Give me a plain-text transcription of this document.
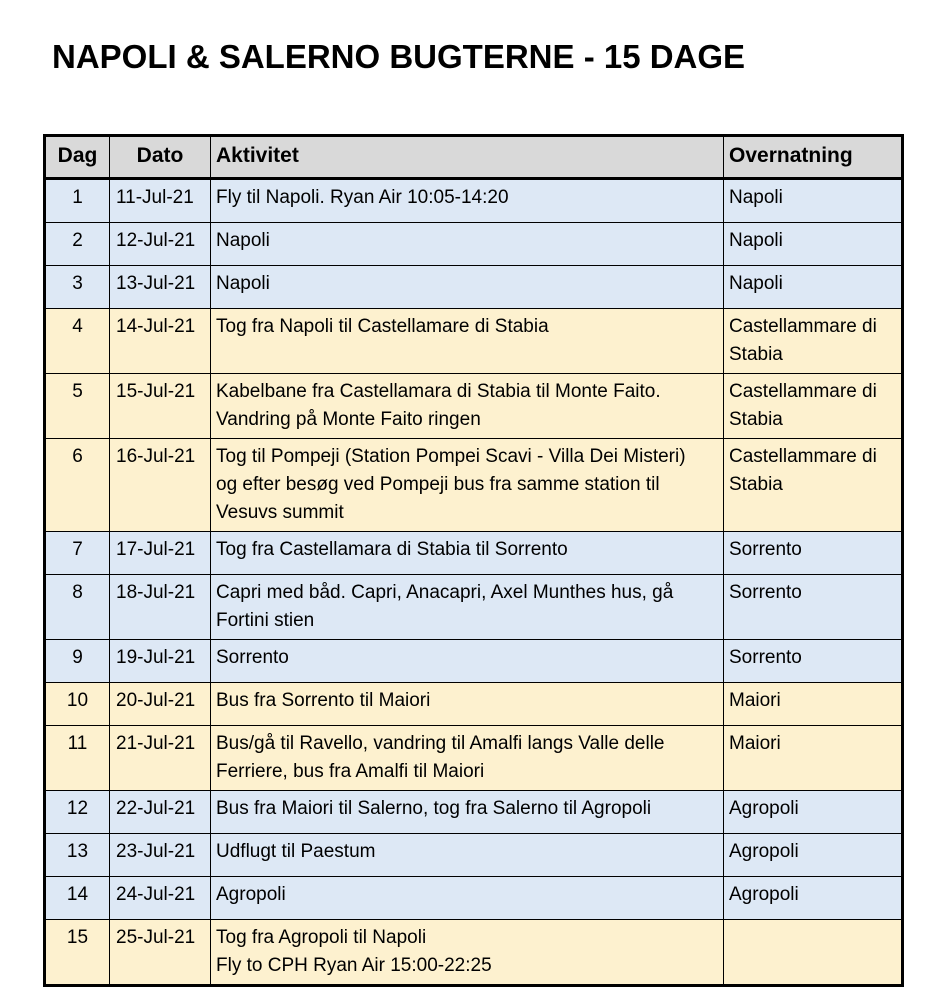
NAPOLI & SALERNO BUGTERNE - 15 DAGE
Dag	Dato	Aktivitet	Overnatning
1	11-Jul-21	Fly til Napoli. Ryan Air 10:05-14:20	Napoli

2	12-Jul-21	Napoli	Napoli

3	13-Jul-21	Napoli	Napoli

4	14-Jul-21	Tog fra Napoli til Castellamare di Stabia	Castellammare di
Stabia

5	15-Jul-21	Kabelbane fra Castellamara di Stabia til Monte Faito.
Vandring på Monte Faito ringen	Castellammare di
Stabia

6	16-Jul-21	Tog til Pompeji (Station Pompei Scavi - Villa Dei Misteri)
og efter besøg ved Pompeji bus fra samme station til
Vesuvs summit	Castellammare di
Stabia

7	17-Jul-21	Tog fra Castellamara di Stabia til Sorrento	Sorrento

8	18-Jul-21	Capri med båd. Capri, Anacapri, Axel Munthes hus, gå
Fortini stien	Sorrento

9	19-Jul-21	Sorrento	Sorrento

10	20-Jul-21	Bus fra Sorrento til Maiori	Maiori

11	21-Jul-21	Bus/gå til Ravello, vandring til Amalfi langs Valle delle
Ferriere, bus fra Amalfi til Maiori	Maiori

12	22-Jul-21	Bus fra Maiori til Salerno, tog fra Salerno til Agropoli	Agropoli

13	23-Jul-21	Udflugt til Paestum	Agropoli

14	24-Jul-21	Agropoli	Agropoli

15	25-Jul-21	Tog fra Agropoli til Napoli
Fly to CPH Ryan Air 15:00-22:25	
